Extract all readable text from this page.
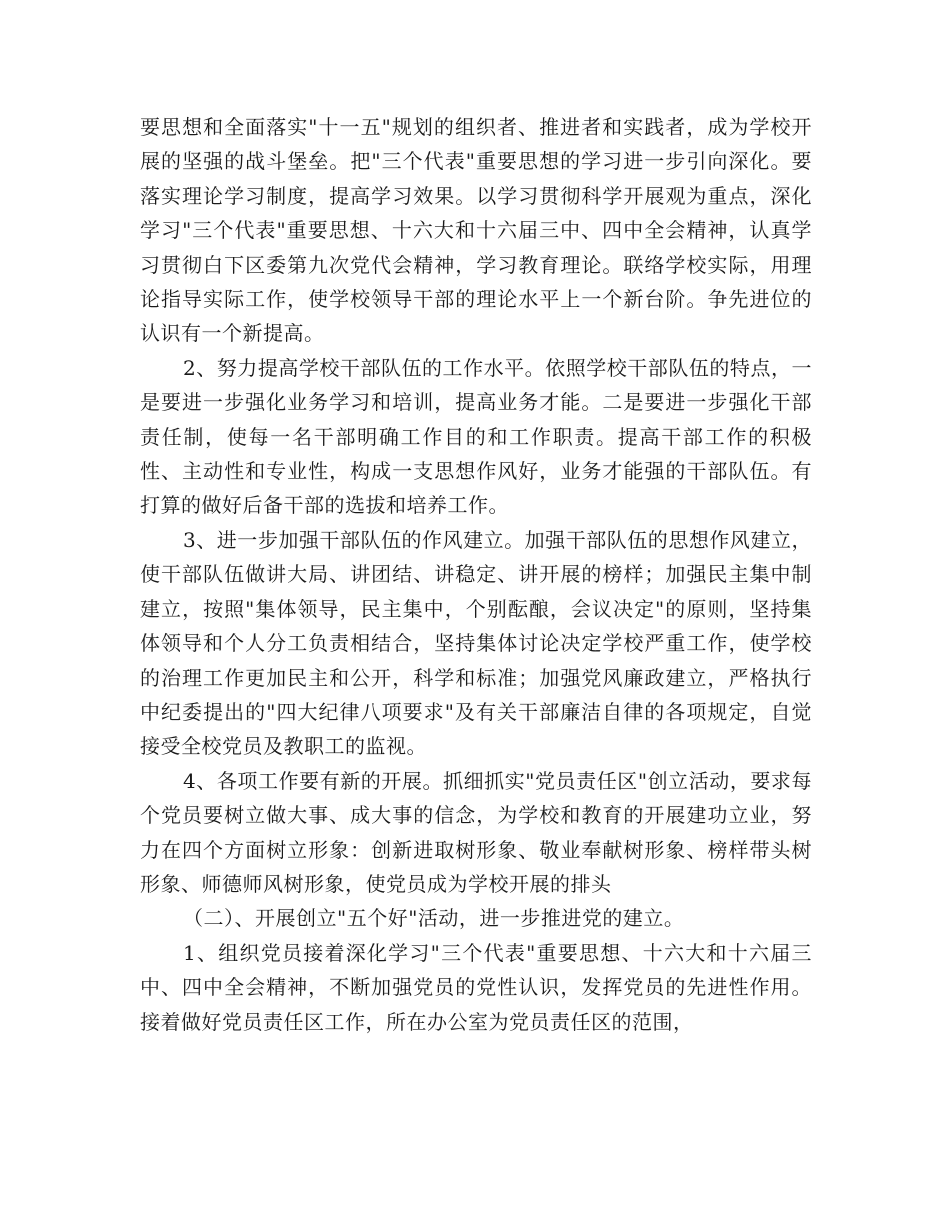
要思想和全面落实"十一五"规划的组织者、推进者和实践者，成为学校开展的坚强的战斗堡垒。把"三个代表"重要思想的学习进一步引向深化。要落实理论学习制度，提高学习效果。以学习贯彻科学开展观为重点，深化学习"三个代表"重要思想、十六大和十六届三中、四中全会精神，认真学习贯彻白下区委第九次党代会精神，学习教育理论。联络学校实际，用理论指导实际工作，使学校领导干部的理论水平上一个新台阶。争先进位的认识有一个新提高。

2、努力提高学校干部队伍的工作水平。依照学校干部队伍的特点，一是要进一步强化业务学习和培训，提高业务才能。二是要进一步强化干部责任制，使每一名干部明确工作目的和工作职责。提高干部工作的积极性、主动性和专业性，构成一支思想作风好，业务才能强的干部队伍。有打算的做好后备干部的选拔和培养工作。

3、进一步加强干部队伍的作风建立。加强干部队伍的思想作风建立，使干部队伍做讲大局、讲团结、讲稳定、讲开展的榜样；加强民主集中制建立，按照"集体领导，民主集中，个别酝酿，会议决定"的原则，坚持集体领导和个人分工负责相结合，坚持集体讨论决定学校严重工作，使学校的治理工作更加民主和公开，科学和标准；加强党风廉政建立，严格执行中纪委提出的"四大纪律八项要求"及有关干部廉洁自律的各项规定，自觉接受全校党员及教职工的监视。

4、各项工作要有新的开展。抓细抓实"党员责任区"创立活动，要求每个党员要树立做大事、成大事的信念，为学校和教育的开展建功立业，努力在四个方面树立形象：创新进取树形象、敬业奉献树形象、榜样带头树形象、师德师风树形象，使党员成为学校开展的排头

（二）、开展创立"五个好"活动，进一步推进党的建立。

1、组织党员接着深化学习"三个代表"重要思想、十六大和十六届三中、四中全会精神，不断加强党员的党性认识，发挥党员的先进性作用。接着做好党员责任区工作，所在办公室为党员责任区的范围，
